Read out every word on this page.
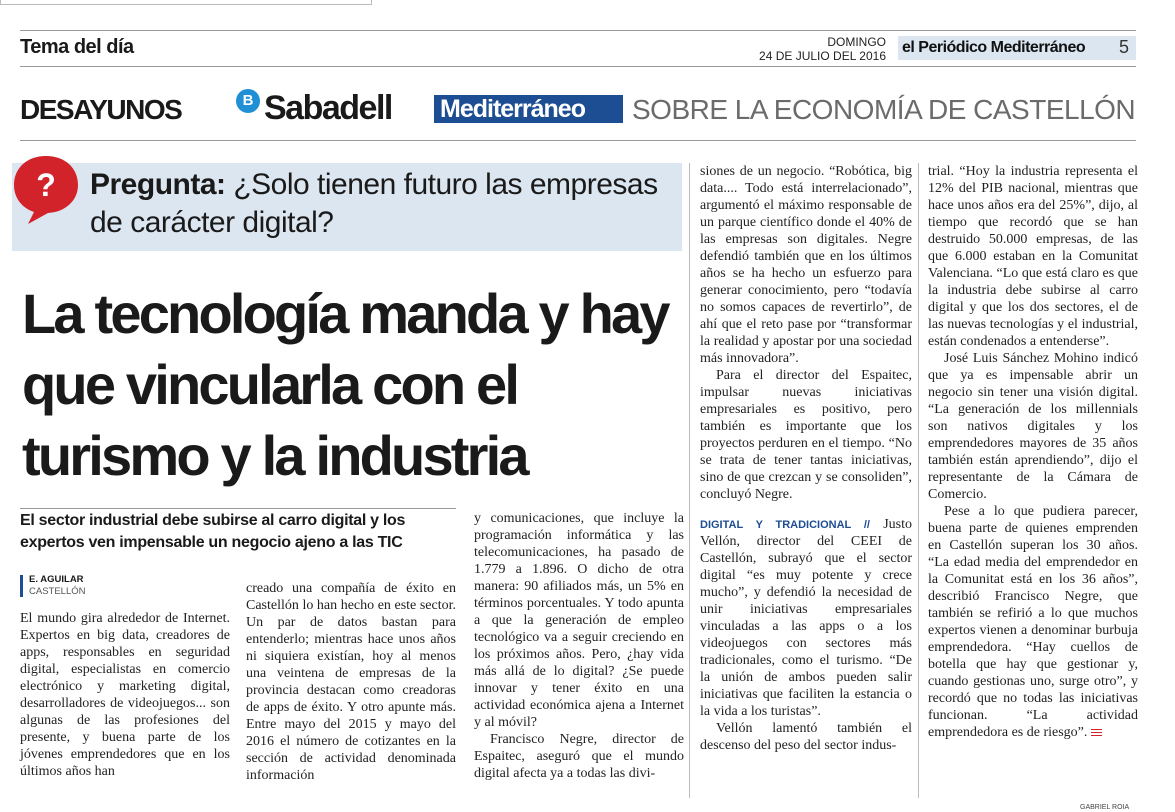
Tema del día	DOMINGO
24 DE JULIO DEL 2016 el Periódico Mediterráneo	5
DESAYUNOS	B Sabadell Mediterráneo	SOBRE LA ECONOMÍA DE CASTELLÓN
? Pregunta: ¿Solo tienen futuro las empresas de carácter digital?
La tecnología manda y hay que vincularla con el turismo y la industria
El sector industrial debe subirse al carro digital y los expertos ven impensable un negocio ajeno a las TIC
E. AGUILAR
CASTELLÓN

El mundo gira alrededor de Internet. Expertos en big data, creadores de apps, responsables en seguridad digital, especialistas en comercio electrónico y marketing digital, desarrolladores de videojuegos... son algunas de las profesiones del presente, y buena parte de los jóvenes emprendedores que en los últimos años han

creado una compañía de éxito en Castellón lo han hecho en este sector. Un par de datos bastan para entenderlo; mientras hace unos años ni siquiera existían, hoy al menos una veintena de empresas de la provincia destacan como creadoras de apps de éxito. Y otro apunte más. Entre mayo del 2015 y mayo del 2016 el número de cotizantes en la sección de actividad denominada información

y comunicaciones, que incluye la programación informática y las telecomunicaciones, ha pasado de 1.779 a 1.896. O dicho de otra manera: 90 afiliados más, un 5% en términos porcentuales. Y todo apunta a que la generación de empleo tecnológico va a seguir creciendo en los próximos años. Pero, ¿hay vida más allá de lo digital? ¿Se puede innovar y tener éxito en una actividad económica ajena a Internet y al móvil?

Francisco Negre, director de Espaitec, aseguró que el mundo digital afecta ya a todas las divi-

siones de un negocio. “Robótica, big data.... Todo está interrelacionado”, argumentó el máximo responsable de un parque científico donde el 40% de las empresas son digitales. Negre defendió también que en los últimos años se ha hecho un esfuerzo para generar conocimiento, pero “todavía no somos capaces de revertirlo”, de ahí que el reto pase por “transformar la realidad y apostar por una sociedad más innovadora”.

Para el director del Espaitec, impulsar nuevas iniciativas empresariales es positivo, pero también es importante que los proyectos perduren en el tiempo. “No se trata de tener tantas iniciativas, sino de que crezcan y se consoliden”, concluyó Negre.

DIGITAL Y TRADICIONAL // Justo Vellón, director del CEEI de Castellón, subrayó que el sector digital “es muy potente y crece mucho”, y defendió la necesidad de unir iniciativas empresariales vinculadas a las apps o a los videojuegos con sectores más tradicionales, como el turismo. “De la unión de ambos pueden salir iniciativas que faciliten la estancia o la vida a los turistas”.

Vellón lamentó también el descenso del peso del sector indus-

trial. “Hoy la industria representa el 12% del PIB nacional, mientras que hace unos años era del 25%”, dijo, al tiempo que recordó que se han destruido 50.000 empresas, de las que 6.000 estaban en la Comunitat Valenciana. “Lo que está claro es que la industria debe subirse al carro digital y que los dos sectores, el de las nuevas tecnologías y el industrial, están condenados a entenderse”.

José Luis Sánchez Mohino indicó que ya es impensable abrir un negocio sin tener una visión digital. “La generación de los millennials son nativos digitales y los emprendedores mayores de 35 años también están aprendiendo”, dijo el representante de la Cámara de Comercio.

Pese a lo que pudiera parecer, buena parte de quienes emprenden en Castellón superan los 30 años. “La edad media del emprendedor en la Comunitat está en los 36 años”, describió Francisco Negre, que también se refirió a lo que muchos expertos vienen a denominar burbuja emprendedora. “Hay cuellos de botella que hay que gestionar y, cuando gestionas uno, surge otro”, y recordó que no todas las iniciativas funcionan. “La actividad emprendedora es de riesgo”.

GABRIEL ROIA
